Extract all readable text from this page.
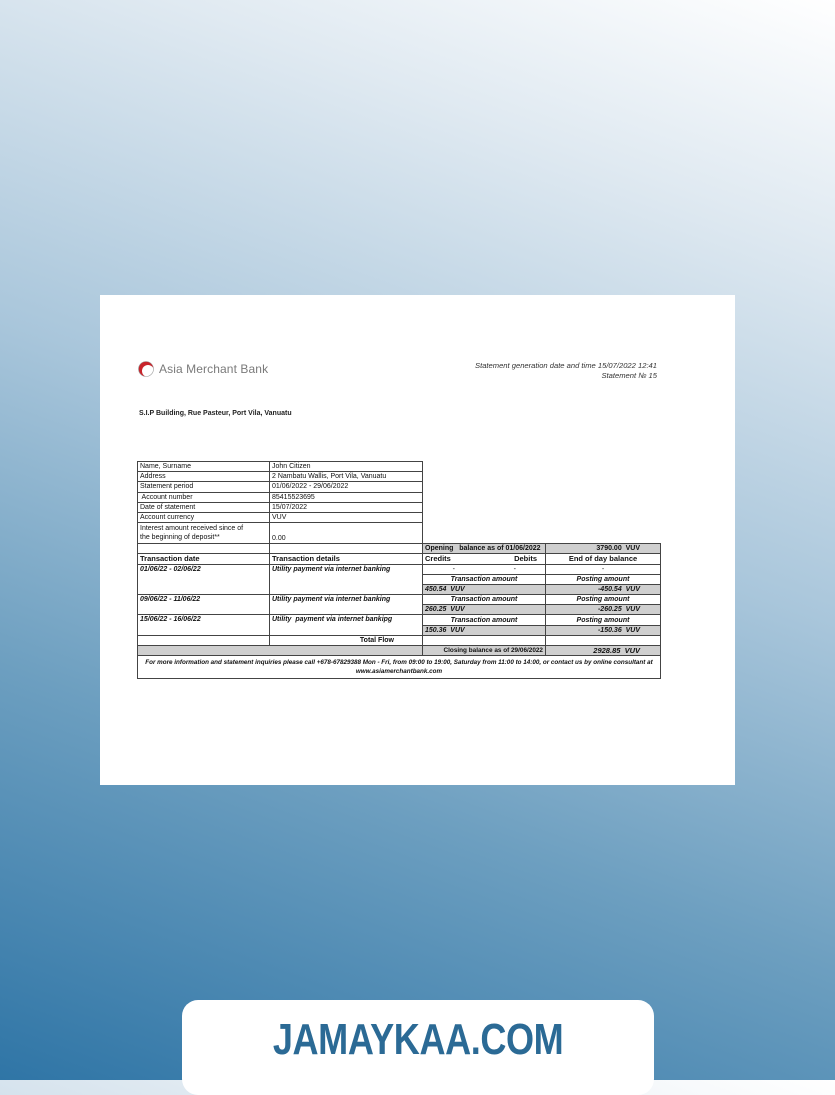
Asia Merchant Bank	Statement generation date and time 15/07/2022 12:41
Statement № 15
S.I.P Building, Rue Pasteur, Port Vila, Vanuatu
Name, Surname	John Citizen			
Address	2 Nambatu Wallis, Port Vila, Vanuatu			
Statement period	01/06/2022 - 29/06/2022			
Account number	85415523695			
Date of statement	15/07/2022			
Account currency	VUV			

Interest amount received since of
the beginning of deposit**	0.00			
		Opening   balance as of 01/06/2022		3790.00  VUV
Transaction date	Transaction details	Credits	Debits	End of day balance
01/06/22 - 02/06/22	Utility payment via internet banking	-	-	-
		Transaction amount		Posting amount
		450.54  VUV		-450.54  VUV
09/06/22 - 11/06/22	Utility payment via internet banking	Transaction amount		Posting amount
		260.25  VUV		-260.25  VUV
15/06/22 - 16/06/22	Utility  payment via internet bankipg	Transaction amount		Posting amount
		150.36  VUV		-150.36  VUV
	Total Flow			
		Closing balance as of 29/06/2022		2928.85  VUV
For more information and statement inquiries please call +678-67829388 Mon - Fri, from 09:00 to 19:00, Saturday from 11:00 to 14:00, or contact us by online consultant at www.asiamerchantbank.com				
JAMAYKAA.COM
